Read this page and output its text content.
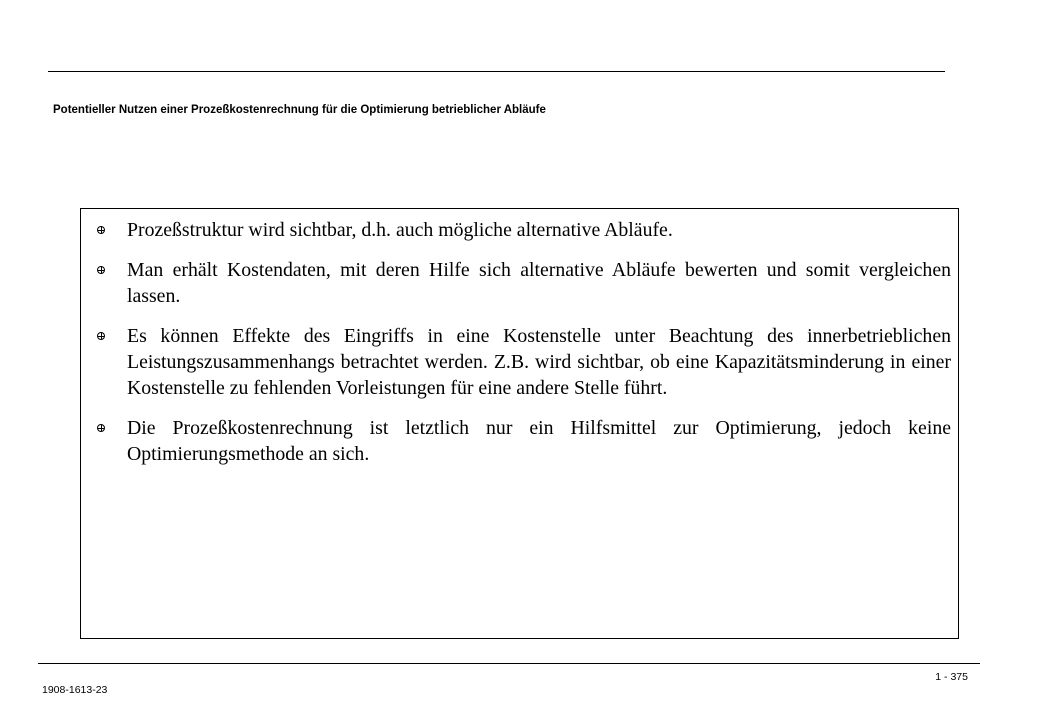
Potentieller Nutzen einer Prozeßkostenrechnung für die Optimierung betrieblicher Abläufe
Prozeßstruktur wird sichtbar, d.h. auch mögliche alternative Abläufe.
Man erhält Kostendaten, mit deren Hilfe sich alternative Abläufe bewerten und somit vergleichen lassen.
Es können Effekte des Eingriffs in eine Kostenstelle unter Beachtung des innerbetrieblichen Leistungszusammenhangs betrachtet werden. Z.B. wird sichtbar, ob eine Kapazitätsminderung in einer Kostenstelle zu fehlenden Vorleistungen für eine andere Stelle führt.
Die Prozeßkostenrechnung ist letztlich nur ein Hilfsmittel zur Optimierung, jedoch keine Optimierungsmethode an sich.
1 - 375
1908-1613-23
